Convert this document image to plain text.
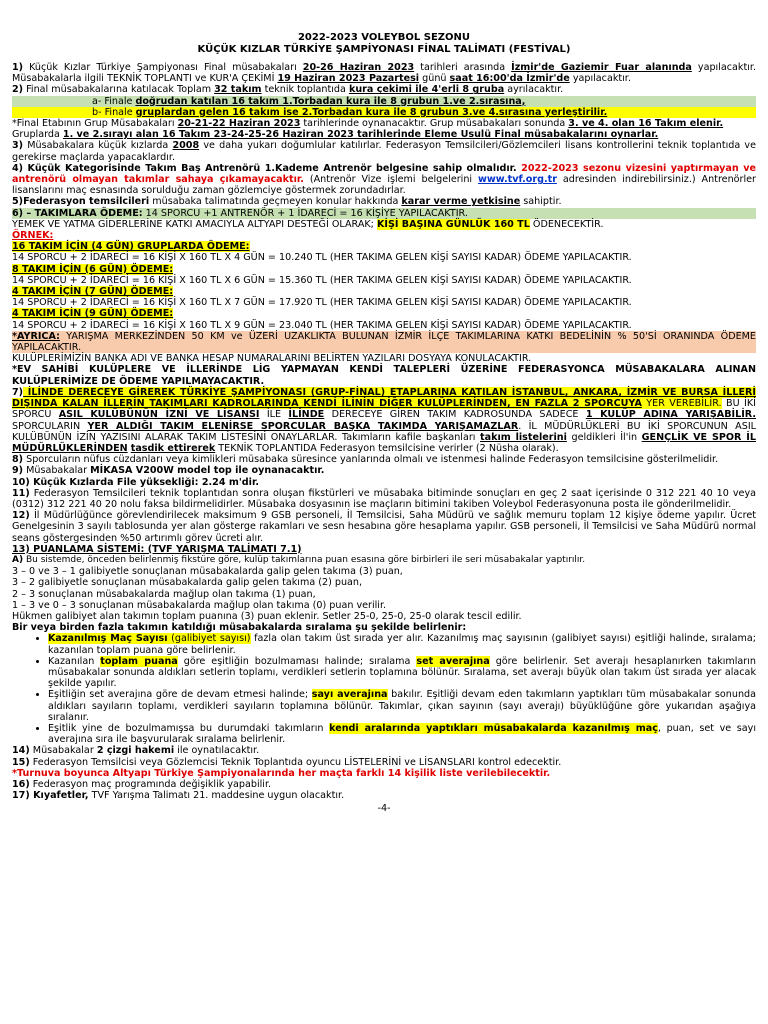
2022-2023 VOLEYBOL SEZONU

KÜÇÜK KIZLAR TÜRKİYE ŞAMPİYONASI FİNAL TALİMATI (FESTİVAL)

1) Küçük Kızlar Türkiye Şampiyonası Final müsabakaları 20-26 Haziran 2023 tarihleri arasında İzmir'de Gaziemir Fuar alanında yapılacaktır. Müsabakalarla ilgili TEKNİK TOPLANTI ve KUR'A ÇEKİMİ 19 Haziran 2023 Pazartesi günü saat 16:00'da İzmir'de yapılacaktır.

2) Final müsabakalarına katılacak Toplam 32 takım teknik toplantıda kura çekimi ile 4'erli 8 gruba ayrılacaktır.

a- Finale doğrudan katılan 16 takım 1.Torbadan kura ile 8 grubun 1.ve 2.sırasına,

b- Finale gruplardan gelen 16 takım ise 2.Torbadan kura ile 8 grubun 3.ve 4.sırasına yerleştirilir.

*Final Etabının Grup Müsabakaları 20-21-22 Haziran 2023 tarihlerinde oynanacaktır. Grup müsabakaları sonunda 3. ve 4. olan 16 Takım elenir.

Gruplarda 1. ve 2.sırayı alan 16 Takım 23-24-25-26 Haziran 2023 tarihlerinde Eleme Usulü Final müsabakalarını oynarlar.

3) Müsabakalara küçük kızlarda 2008 ve daha yukarı doğumlular katılırlar. Federasyon Temsilcileri/Gözlemcileri lisans kontrollerini teknik toplantıda ve gerekirse maçlarda yapacaklardır.

4) Küçük Kategorisinde Takım Baş Antrenörü 1.Kademe Antrenör belgesine sahip olmalıdır. 2022-2023 sezonu vizesini yaptırmayan ve antrenörü olmayan takımlar sahaya çıkamayacaktır. (Antrenör Vize işlemi belgelerini www.tvf.org.tr adresinden indirebilirsiniz.) Antrenörler lisanslarını maç esnasında sorulduğu zaman gözlemciye göstermek zorundadırlar.

5)Federasyon temsilcileri müsabaka talimatında geçmeyen konular hakkında karar verme yetkisine sahiptir.

6) – TAKIMLARA ÖDEME: 14 SPORCU +1 ANTRENÖR + 1 İDARECİ = 16 KİŞİYE YAPILACAKTIR.

YEMEK VE YATMA GİDERLERİNE KATKI AMACIYLA ALTYAPI DESTEĞİ OLARAK; KİŞİ BAŞINA GÜNLÜK 160 TL ÖDENECEKTİR.

ÖRNEK:

16 TAKIM İÇİN (4 GÜN) GRUPLARDA ÖDEME:

14 SPORCU + 2 İDARECİ = 16 KİŞİ X 160 TL X 4 GÜN = 10.240 TL (HER TAKIMA GELEN KİŞİ SAYISI KADAR) ÖDEME YAPILACAKTIR.

8 TAKIM İÇİN (6 GÜN) ÖDEME:

14 SPORCU + 2 İDARECİ = 16 KİŞİ X 160 TL X 6 GÜN = 15.360 TL (HER TAKIMA GELEN KİŞİ SAYISI KADAR) ÖDEME YAPILACAKTIR.

4 TAKIM İÇİN (7 GÜN) ÖDEME:

14 SPORCU + 2 İDARECİ = 16 KİŞİ X 160 TL X 7 GÜN = 17.920 TL (HER TAKIMA GELEN KİŞİ SAYISI KADAR) ÖDEME YAPILACAKTIR.

4 TAKIM İÇİN (9 GÜN) ÖDEME:

14 SPORCU + 2 İDARECİ = 16 KİŞİ X 160 TL X 9 GÜN = 23.040 TL (HER TAKIMA GELEN KİŞİ SAYISI KADAR) ÖDEME YAPILACAKTIR.

*AYRICA: YARIŞMA MERKEZİNDEN 50 KM ve ÜZERİ UZAKLIKTA BULUNAN İZMİR İLÇE TAKIMLARINA KATKI BEDELİNİN % 50'Sİ ORANINDA ÖDEME YAPILACAKTIR.

KULÜPLERİMİZİN BANKA ADI VE BANKA HESAP NUMARALARINI BELİRTEN YAZILARI DOSYAYA KONULACAKTIR.

*EV SAHİBİ KULÜPLERE VE İLLERİNDE LİG YAPMAYAN KENDİ TALEPLERİ ÜZERİNE FEDERASYONCA MÜSABAKALARA ALINAN KULÜPLERİMİZE DE ÖDEME YAPILMAYACAKTIR.

7) İLİNDE DERECEYE GİREREK TÜRKİYE ŞAMPİYONASI (GRUP-FİNAL) ETAPLARINA KATILAN İSTANBUL, ANKARA, İZMİR VE BURSA İLLERİ DIŞINDA KALAN İLLERİN TAKIMLARI KADROLARINDA KENDİ İLİNİN DİĞER KULÜPLERİNDEN, EN FAZLA 2 SPORCUYA YER VEREBİLİR. BU İKİ SPORCU ASIL KULÜBÜNÜN İZNİ VE LİSANSI İLE İLİNDE DERECEYE GİREN TAKIM KADROSUNDA SADECE 1 KULÜP ADINA YARIŞABİLİR. SPORCULARIN YER ALDIĞI TAKIM ELENİRSE SPORCULAR BAŞKA TAKIMDA YARIŞAMAZLAR. İL MÜDÜRLÜKLERİ BU İKİ SPORCUNUN ASIL KULÜBÜNÜN İZİN YAZISINI ALARAK TAKIM LİSTESİNİ ONAYLARLAR. Takımların kafile başkanları takım listelerini geldikleri İl'in GENÇLİK VE SPOR İL MÜDÜRLÜKLERİNDEN tasdik ettirerek TEKNİK TOPLANTIDA Federasyon temsilcisine verirler (2 Nüsha olarak).

8) Sporcuların nüfus cüzdanları veya kimlikleri müsabaka süresince yanlarında olmalı ve istenmesi halinde Federasyon temsilcisine gösterilmelidir.

9) Müsabakalar MİKASA V200W model top ile oynanacaktır.

10) Küçük Kızlarda File yüksekliği: 2.24 m'dir.

11) Federasyon Temsilcileri teknik toplantıdan sonra oluşan fikstürleri ve müsabaka bitiminde sonuçları en geç 2 saat içerisinde 0 312 221 40 10 veya (0312) 312 221 40 20 nolu faksa bildirmelidirler. Müsabaka dosyasının ise maçların bitimini takiben Voleybol Federasyonuna posta ile gönderilmelidir.

12) İl Müdürlüğünce görevlendirilecek maksimum 9 GSB personeli, İl Temsilcisi, Saha Müdürü ve sağlık memuru toplam 12 kişiye ödeme yapılır. Ücret Genelgesinin 3 sayılı tablosunda yer alan gösterge rakamları ve sesn hesabına göre hesaplama yapılır. GSB personeli, İl Temsilcisi ve Saha Müdürü normal seans göstergesinden %50 artırımlı görev ücreti alır.

13) PUANLAMA SİSTEMİ: (TVF YARIŞMA TALİMATI 7.1)

A) Bu sistemde, önceden belirlenmiş fikstüre göre, kulüp takımlarına puan esasına göre birbirleri ile seri müsabakalar yaptırılır.

3 – 0 ve 3 – 1 galibiyetle sonuçlanan müsabakalarda galip gelen takıma (3) puan,

3 – 2 galibiyetle sonuçlanan müsabakalarda galip gelen takıma (2) puan,

2 – 3 sonuçlanan müsabakalarda mağlup olan takıma (1) puan,

1 – 3 ve 0 – 3 sonuçlanan müsabakalarda mağlup olan takıma (0) puan verilir.

Hükmen galibiyet alan takımın toplam puanına (3) puan eklenir. Setler 25-0, 25-0, 25-0 olarak tescil edilir.

Bir veya birden fazla takımın katıldığı müsabakalarda sıralama şu şekilde belirlenir:

• Kazanılmış Maç Sayısı (galibiyet sayısı) fazla olan takım üst sırada yer alır. Kazanılmış maç sayısının (galibiyet sayısı) eşitliği halinde, sıralama; kazanılan toplam puana göre belirlenir.
• Kazanılan toplam puana göre eşitliğin bozulmaması halinde; sıralama set averajına göre belirlenir. Set averajı hesaplanırken takımların müsabakalar sonunda aldıkları setlerin toplamı, verdikleri setlerin toplamına bölünür. Sıralama, set averajı büyük olan takım üst sırada yer alacak şekilde yapılır.
• Eşitliğin set averajına göre de devam etmesi halinde; sayı averajına bakılır. Eşitliği devam eden takımların yaptıkları tüm müsabakalar sonunda aldıkları sayıların toplamı, verdikleri sayıların toplamına bölünür. Takımlar, çıkan sayının (sayı averajı) büyüklüğüne göre yukarıdan aşağıya sıralanır.
• Eşitlik yine de bozulmamışsa bu durumdaki takımların kendi aralarında yaptıkları müsabakalarda kazanılmış maç, puan, set ve sayı averajına sıra ile başvurularak sıralama belirlenir.

14) Müsabakalar 2 çizgi hakemi ile oynatılacaktır.

15) Federasyon Temsilcisi veya Gözlemcisi Teknik Toplantıda oyuncu LİSTELERİNİ ve LİSANSLARI kontrol edecektir.

*Turnuva boyunca Altyapı Türkiye Şampiyonalarında her maçta farklı 14 kişilik liste verilebilecektir.

16) Federasyon maç programında değişiklik yapabilir.

17) Kıyafetler, TVF Yarışma Talimatı 21. maddesine uygun olacaktır.

-4-
